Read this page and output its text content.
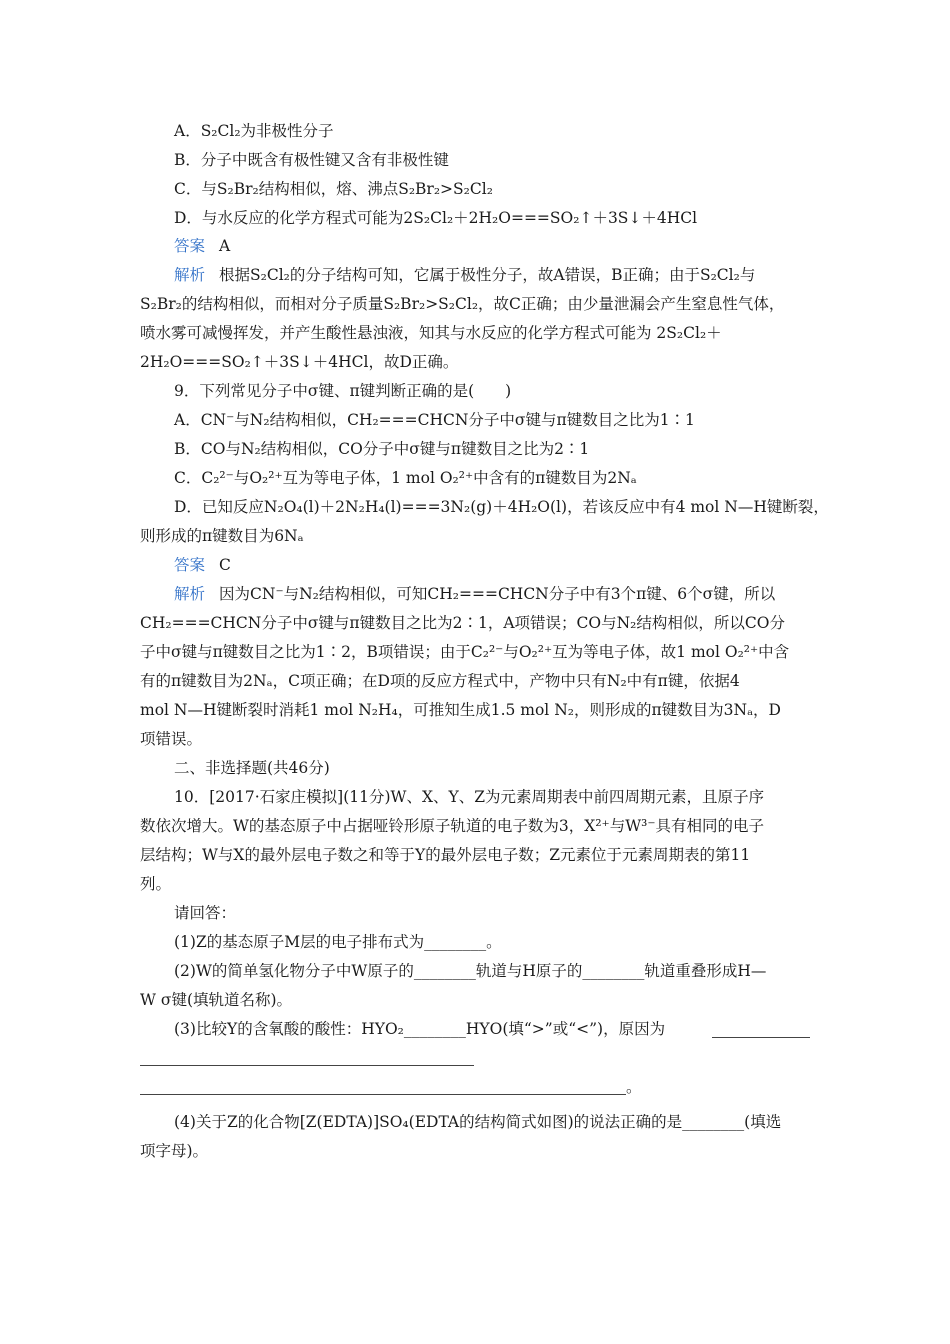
A．S₂Cl₂为非极性分子
B．分子中既含有极性键又含有非极性键
C．与S₂Br₂结构相似，熔、沸点S₂Br₂>S₂Cl₂
D．与水反应的化学方程式可能为2S₂Cl₂＋2H₂O===SO₂↑＋3S↓＋4HCl
答案 A
解析 根据S₂Cl₂的分子结构可知，它属于极性分子，故A错误，B正确；由于S₂Cl₂与
S₂Br₂的结构相似，而相对分子质量S₂Br₂>S₂Cl₂，故C正确；由少量泄漏会产生窒息性气体，
喷水雾可减慢挥发，并产生酸性悬浊液，知其与水反应的化学方程式可能为 2S₂Cl₂＋
2H₂O===SO₂↑＋3S↓＋4HCl，故D正确。
9．下列常见分子中σ键、π键判断正确的是(　　)
A．CN⁻与N₂结构相似，CH₂===CHCN分子中σ键与π键数目之比为1∶1
B．CO与N₂结构相似，CO分子中σ键与π键数目之比为2∶1
C．C₂²⁻与O₂²⁺互为等电子体，1 mol O₂²⁺中含有的π键数目为2Nₐ
D．已知反应N₂O₄(l)＋2N₂H₄(l)===3N₂(g)＋4H₂O(l)，若该反应中有4 mol N—H键断裂，
则形成的π键数目为6Nₐ
答案 C
解析 因为CN⁻与N₂结构相似，可知CH₂===CHCN分子中有3个π键、6个σ键，所以
CH₂===CHCN分子中σ键与π键数目之比为2∶1，A项错误；CO与N₂结构相似，所以CO分
子中σ键与π键数目之比为1∶2，B项错误；由于C₂²⁻与O₂²⁺互为等电子体，故1 mol O₂²⁺中含
有的π键数目为2Nₐ，C项正确；在D项的反应方程式中，产物中只有N₂中有π键，依据4
mol N—H键断裂时消耗1 mol N₂H₄，可推知生成1.5 mol N₂，则形成的π键数目为3Nₐ，D
项错误。
二、非选择题(共46分)
10．[2017·石家庄模拟](11分)W、X、Y、Z为元素周期表中前四周期元素，且原子序
数依次增大。W的基态原子中占据哑铃形原子轨道的电子数为3，X²⁺与W³⁻具有相同的电子
层结构；W与X的最外层电子数之和等于Y的最外层电子数；Z元素位于元素周期表的第11
列。
请回答：
(1)Z的基态原子M层的电子排布式为________。
(2)W的简单氢化物分子中W原子的________轨道与H原子的________轨道重叠形成H—
W σ键(填轨道名称)。
(3)比较Y的含氧酸的酸性：HYO₂________HYO(填“>”或“<”)，原因为
。
(4)关于Z的化合物[Z(EDTA)]SO₄(EDTA的结构简式如图)的说法正确的是________(填选
项字母)。
